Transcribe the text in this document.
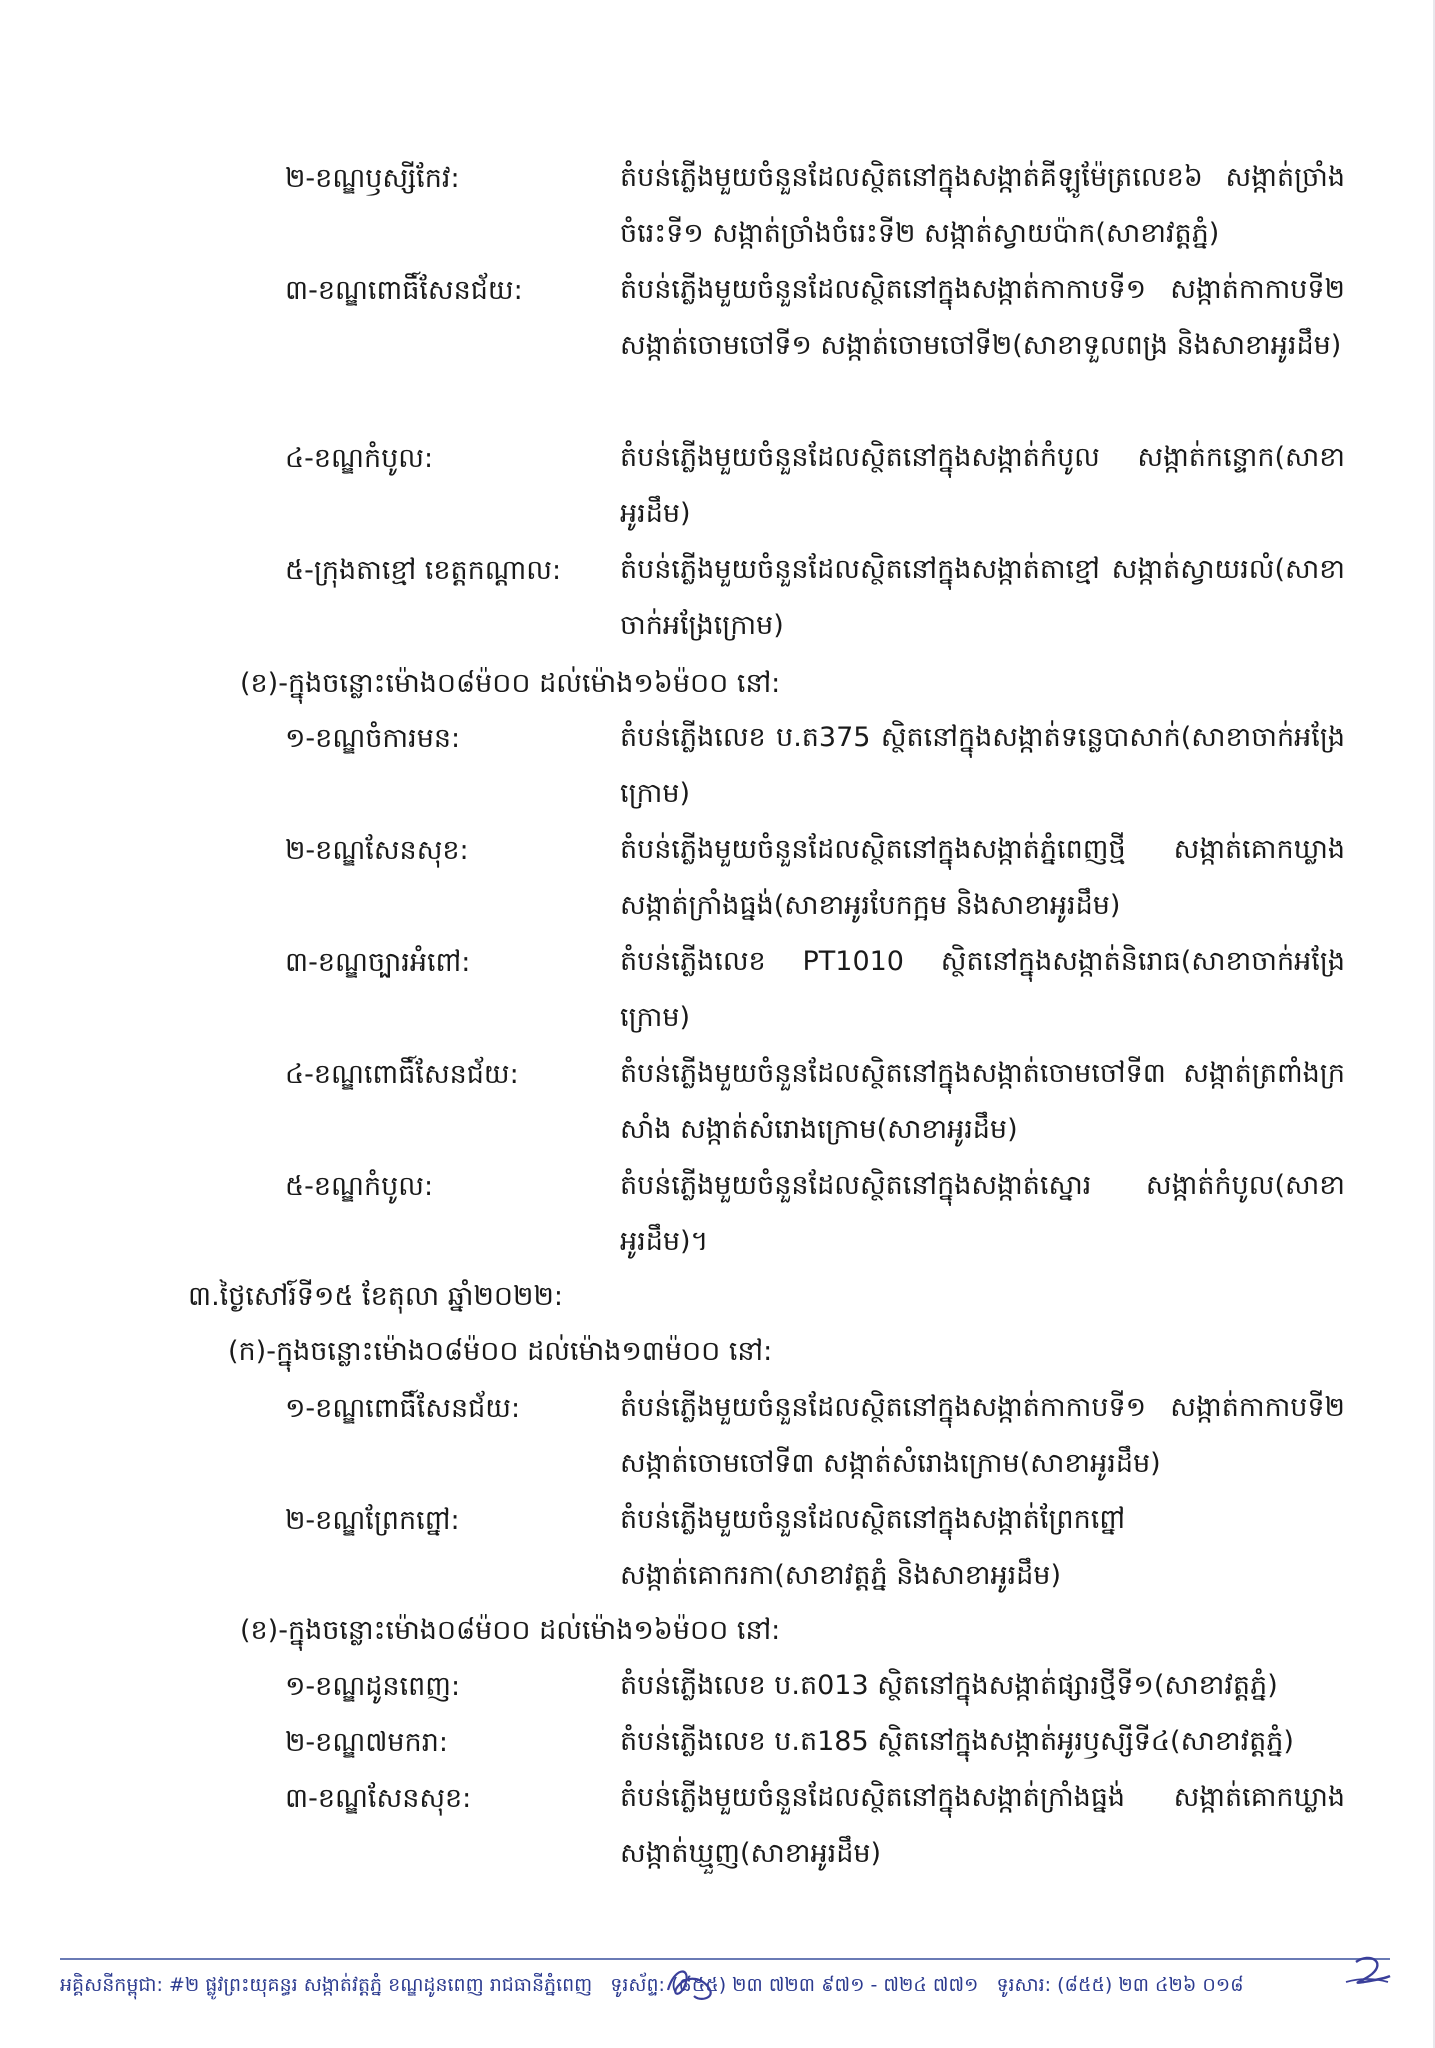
២-ខណ្ឌឫស្សីកែវ:	តំបន់ភ្លើងមួយចំនួនដែលស្ថិតនៅក្នុងសង្កាត់គីឡូម៉ែត្រលេខ៦ សង្កាត់ច្រាំងចំរេះទី១ សង្កាត់ច្រាំងចំរេះទី២ សង្កាត់ស្វាយប៉ាក(សាខាវត្តភ្នំ)
៣-ខណ្ឌពោធិ៍សែនជ័យ:	តំបន់ភ្លើងមួយចំនួនដែលស្ថិតនៅក្នុងសង្កាត់កាកាបទី១ សង្កាត់កាកាបទី២ សង្កាត់ចោមចៅទី១ សង្កាត់ចោមចៅទី២(សាខាទួលពង្រ និងសាខាអូរដឹម)
៤-ខណ្ឌកំបូល:	តំបន់ភ្លើងមួយចំនួនដែលស្ថិតនៅក្នុងសង្កាត់កំបូល សង្កាត់កន្ទោក(សាខាអូរដឹម)
៥-ក្រុងតាខ្មៅ ខេត្តកណ្តាល:	តំបន់ភ្លើងមួយចំនួនដែលស្ថិតនៅក្នុងសង្កាត់តាខ្មៅ សង្កាត់ស្វាយរលំ(សាខាចាក់អង្រែក្រោម)
(ខ)-ក្នុងចន្លោះម៉ោង០៨ម៉០០ ដល់ម៉ោង១៦ម៉០០ នៅ:
១-ខណ្ឌចំការមន:	តំបន់ភ្លើងលេខ ប.ត375 ស្ថិតនៅក្នុងសង្កាត់ទន្លេបាសាក់(សាខាចាក់អង្រែក្រោម)
២-ខណ្ឌសែនសុខ:	តំបន់ភ្លើងមួយចំនួនដែលស្ថិតនៅក្នុងសង្កាត់ភ្នំពេញថ្មី សង្កាត់គោកឃ្លាង សង្កាត់ក្រាំងធ្នង់(សាខាអូរបែកក្អម និងសាខាអូរដឹម)
៣-ខណ្ឌច្បារអំពៅ:	តំបន់ភ្លើងលេខ PT1010 ស្ថិតនៅក្នុងសង្កាត់និរោធ(សាខាចាក់អង្រែក្រោម)
៤-ខណ្ឌពោធិ៍សែនជ័យ:	តំបន់ភ្លើងមួយចំនួនដែលស្ថិតនៅក្នុងសង្កាត់ចោមចៅទី៣ សង្កាត់ត្រពាំងក្រសាំង សង្កាត់សំរោងក្រោម(សាខាអូរដឹម)
៥-ខណ្ឌកំបូល:	តំបន់ភ្លើងមួយចំនួនដែលស្ថិតនៅក្នុងសង្កាត់ស្នោរ សង្កាត់កំបូល(សាខាអូរដឹម)។
៣.ថ្ងៃសៅរ៍ទី១៥ ខែតុលា ឆ្នាំ២០២២:
(ក)-ក្នុងចន្លោះម៉ោង០៨ម៉០០ ដល់ម៉ោង១៣ម៉០០ នៅ:
១-ខណ្ឌពោធិ៍សែនជ័យ:	តំបន់ភ្លើងមួយចំនួនដែលស្ថិតនៅក្នុងសង្កាត់កាកាបទី១ សង្កាត់កាកាបទី២ សង្កាត់ចោមចៅទី៣ សង្កាត់សំរោងក្រោម(សាខាអូរដឹម)
២-ខណ្ឌព្រែកព្នៅ:	តំបន់ភ្លើងមួយចំនួនដែលស្ថិតនៅក្នុងសង្កាត់ព្រែកព្នៅ សង្កាត់គោករកា(សាខាវត្តភ្នំ និងសាខាអូរដឹម)
(ខ)-ក្នុងចន្លោះម៉ោង០៨ម៉០០ ដល់ម៉ោង១៦ម៉០០ នៅ:
១-ខណ្ឌដូនពេញ:	តំបន់ភ្លើងលេខ ប.ត013 ស្ថិតនៅក្នុងសង្កាត់ផ្សារថ្មីទី១(សាខាវត្តភ្នំ)
២-ខណ្ឌ៧មករា:	តំបន់ភ្លើងលេខ ប.ត185 ស្ថិតនៅក្នុងសង្កាត់អូរឫស្សីទី៤(សាខាវត្តភ្នំ)
៣-ខណ្ឌសែនសុខ:	តំបន់ភ្លើងមួយចំនួនដែលស្ថិតនៅក្នុងសង្កាត់ក្រាំងធ្នង់ សង្កាត់គោកឃ្លាង សង្កាត់ឃ្មួញ(សាខាអូរដឹម)
អគ្គិសនីកម្ពុជា: #២ ផ្លូវព្រះយុគន្ធរ សង្កាត់វត្តភ្នំ ខណ្ឌដូនពេញ រាជធានីភ្នំពេញ ទូរស័ព្ទ: (៨៥៥) ២៣ ៧២៣ ៩៧១ - ៧២៤ ៧៧១ ទូរសារ: (៨៥៥) ២៣ ៤២៦ ០១៨
